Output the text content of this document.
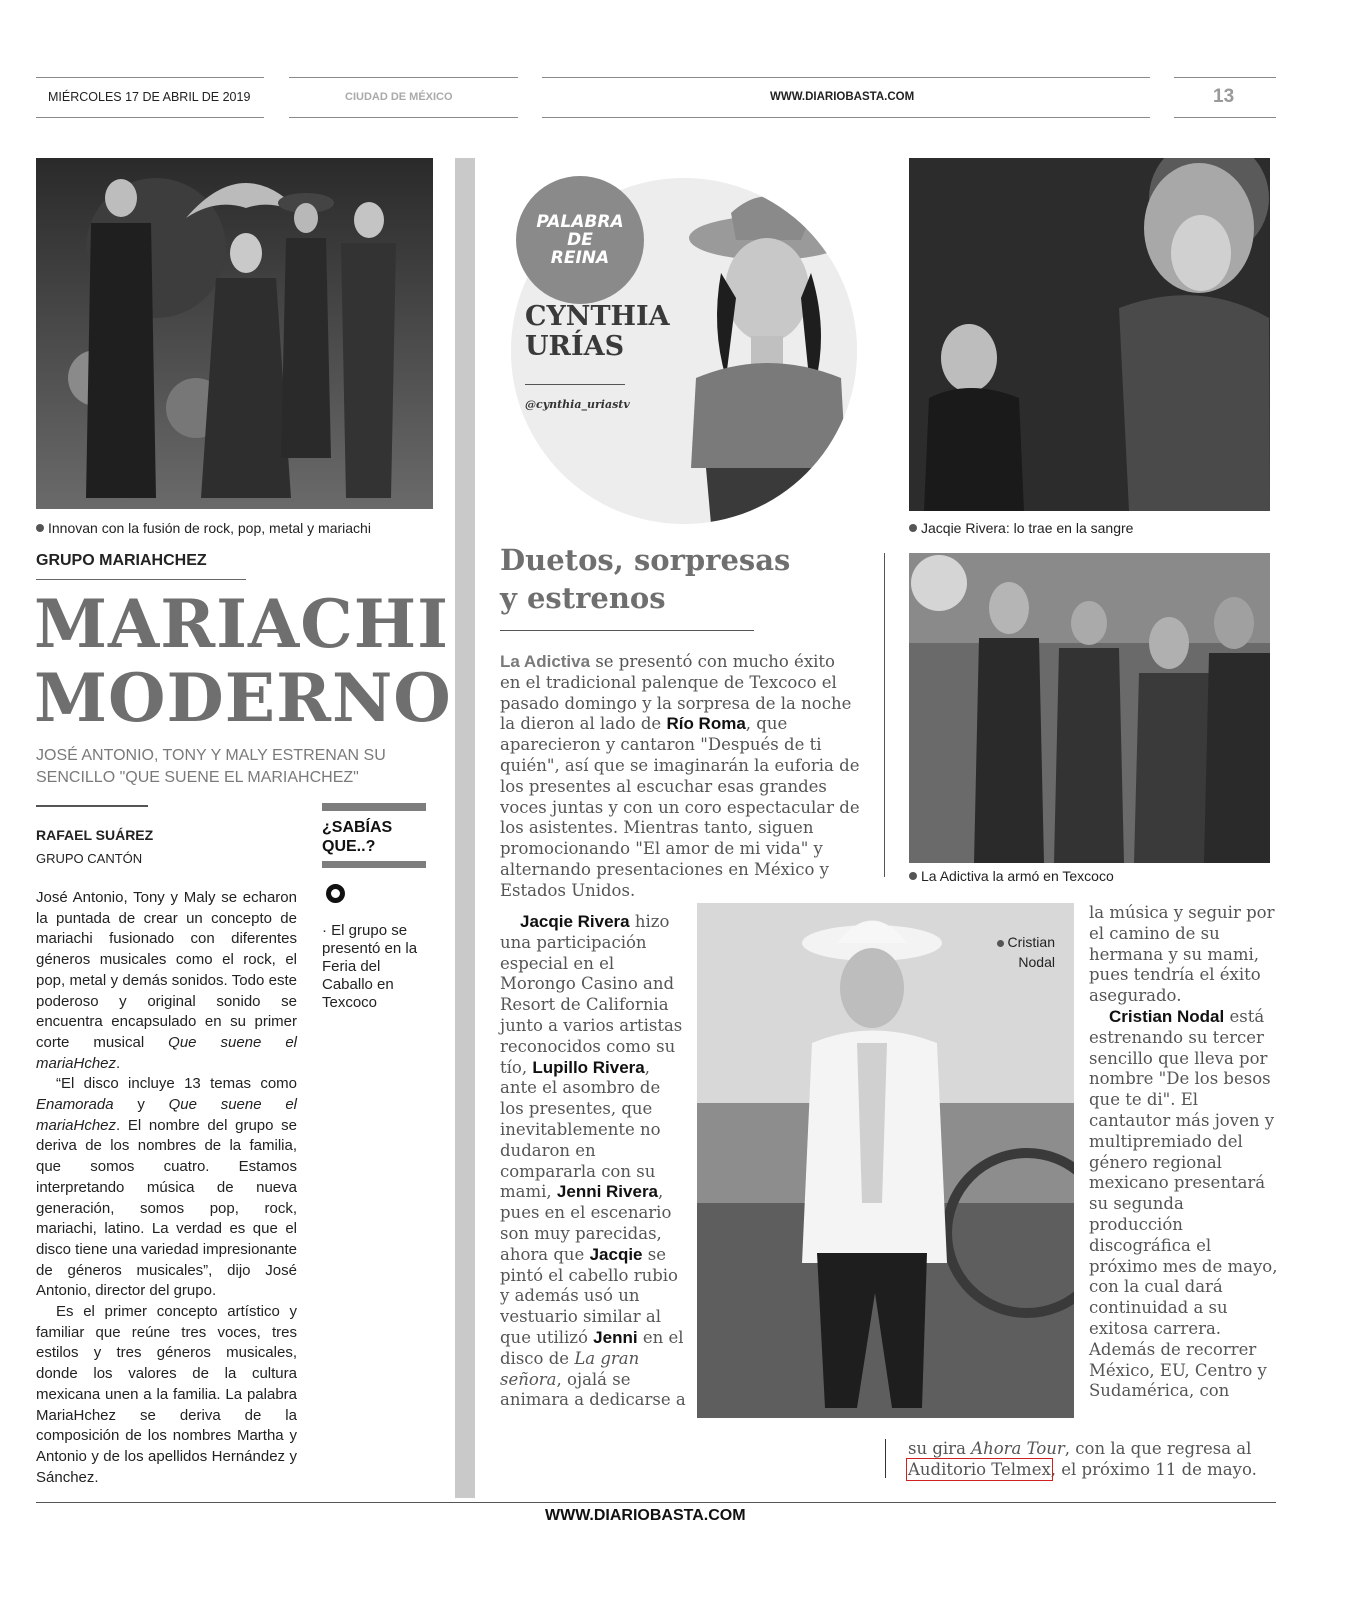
MIÉRCOLES 17 DE ABRIL DE 2019	CIUDAD DE MÉXICO	WWW.DIARIOBASTA.COM	13
Innovan con la fusión de rock, pop, metal y mariachi
GRUPO MARIAHCHEZ
MARIACHI
MODERNO
JOSÉ ANTONIO, TONY Y MALY ESTRENAN SU
SENCILLO "QUE SUENE EL MARIAHCHEZ"
RAFAEL SUÁREZ
GRUPO CANTÓN

José Antonio, Tony y Maly se echaron la puntada de crear un concepto de mariachi fusionado con diferentes géneros musicales como el rock, el pop, metal y demás sonidos. Todo este poderoso y original sonido se encuentra encapsulado en su primer corte musical Que suene el mariaHchez.

“El disco incluye 13 temas como Enamorada y Que suene el mariaHchez. El nombre del grupo se deriva de los nombres de la familia, que somos cuatro. Estamos interpretando música de nueva generación, somos pop, rock, mariachi, latino. La verdad es que el disco tiene una variedad impresionante de géneros musicales”, dijo José Antonio, director del grupo.

Es el primer concepto artístico y familiar que reúne tres voces, tres estilos y tres géneros musicales, donde los valores de la cultura mexicana unen a la familia. La palabra MariaHchez se deriva de la composición de los nombres Martha y Antonio y de los apellidos Hernández y Sánchez.

¿SABÍAS
QUE..?
· El grupo se presentó en la Feria del Caballo en Texcoco
PALABRA
DE
REINA
CYNTHIA
URÍAS
@cynthia_uriastv
Duetos, sorpresas
y estrenos
La Adictiva se presentó con mucho éxito en el tradicional palenque de Texcoco el pasado domingo y la sorpresa de la noche la dieron al lado de Río Roma, que aparecieron y cantaron "Después de ti quién", así que se imaginarán la euforia de los presentes al escuchar esas grandes voces juntas y con un coro espectacular de los asistentes. Mientras tanto, siguen promocionando "El amor de mi vida" y alternando presentaciones en México y Estados Unidos.
Jacqie Rivera hizo una participación especial en el Morongo Casino and Resort de California junto a varios artistas reconocidos como su tío, Lupillo Rivera, ante el asombro de los presentes, que inevitablemente no dudaron en compararla con su mami, Jenni Rivera, pues en el escenario son muy parecidas, ahora que Jacqie se pintó el cabello rubio y además usó un vestuario similar al que utilizó Jenni en el disco de La gran señora, ojalá se animara a dedicarse a
Cristian
Nodal
la música y seguir por el camino de su hermana y su mami, pues tendría el éxito asegurado.
Cristian Nodal está estrenando su tercer sencillo que lleva por nombre "De los besos que te di". El cantautor más joven y multipremiado del género regional mexicano presentará su segunda producción discográfica el próximo mes de mayo, con la cual dará continuidad a su exitosa carrera. Además de recorrer México, EU, Centro y Sudamérica, con
su gira Ahora Tour, con la que regresa al
Auditorio Telmex, el próximo 11 de mayo.
Jacqie Rivera: lo trae en la sangre
La Adictiva la armó en Texcoco
WWW.DIARIOBASTA.COM
